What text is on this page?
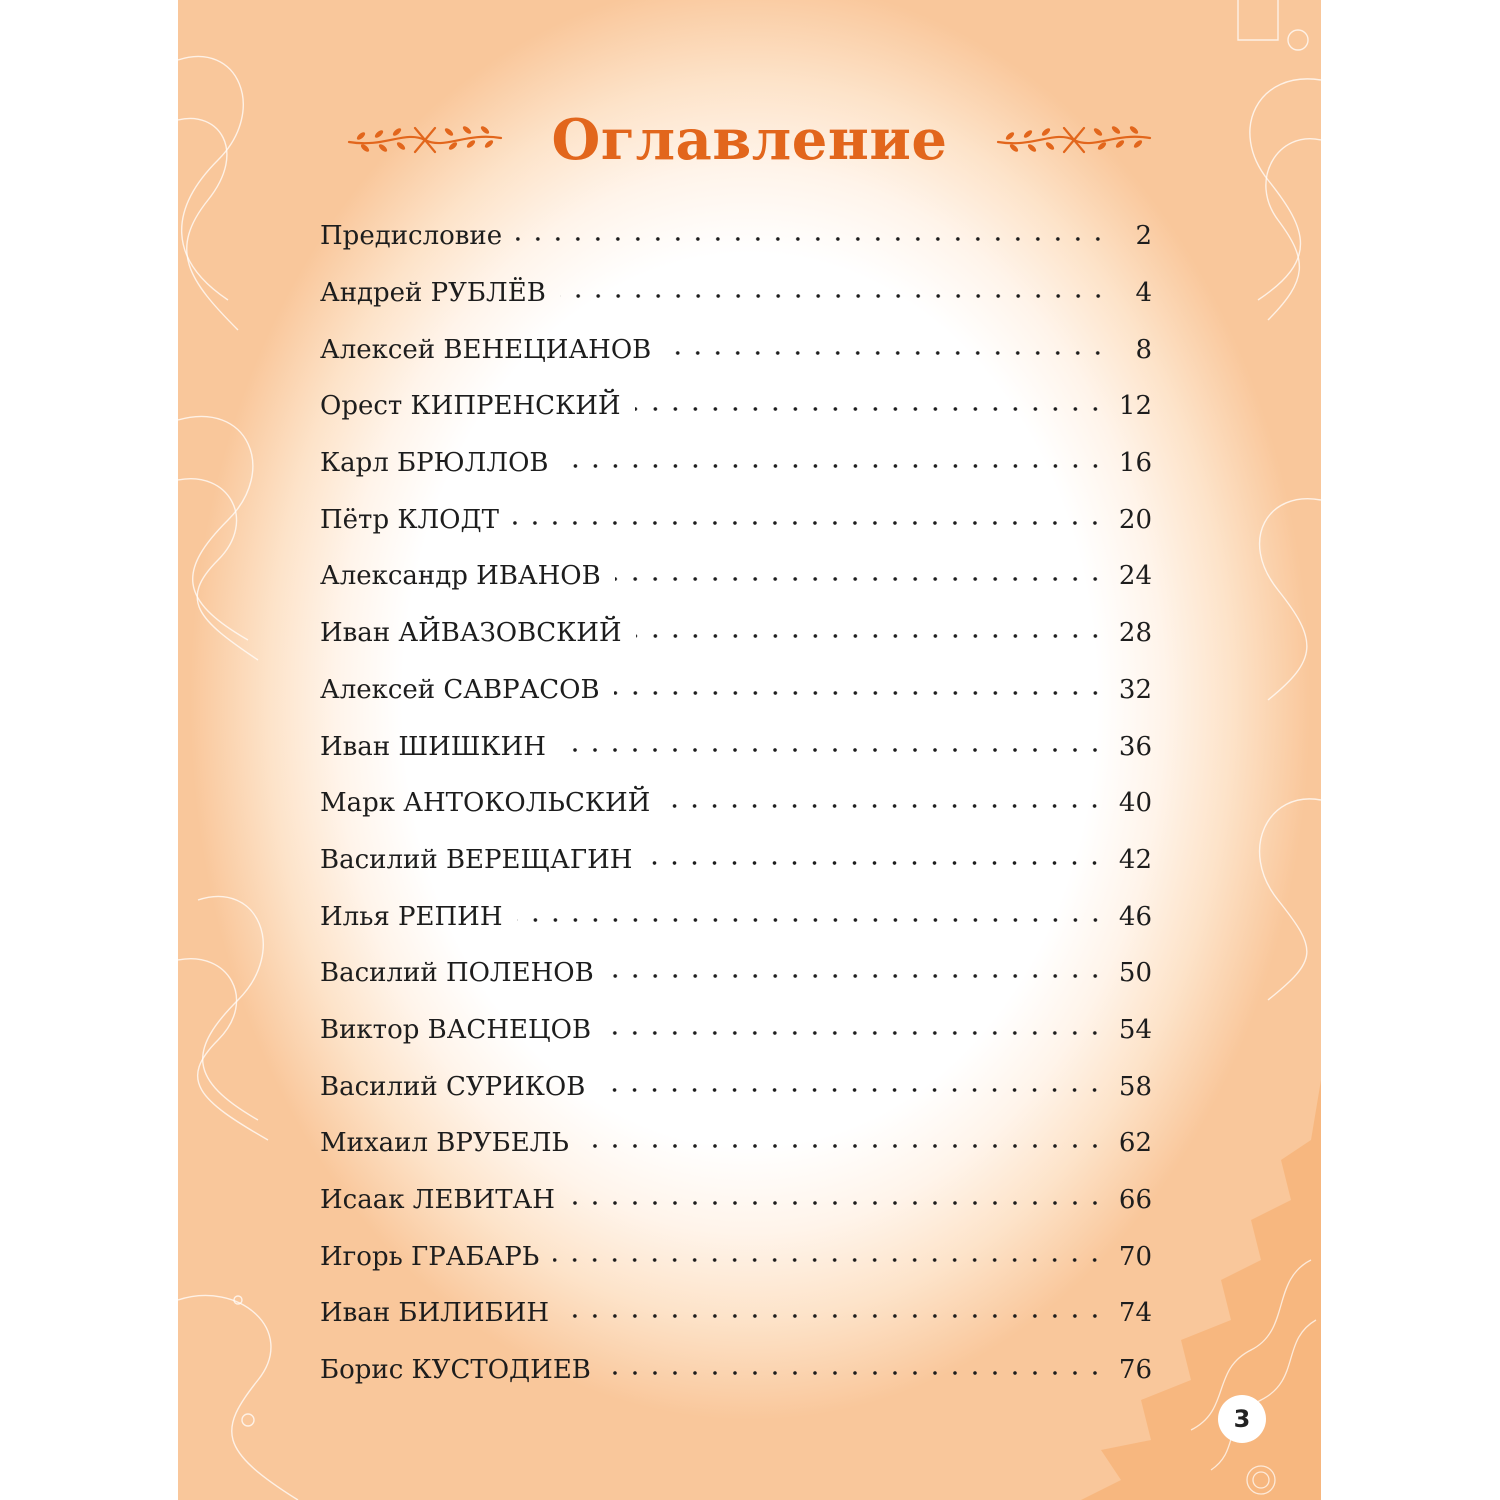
Оглавление
Предисловие	2
Андрей РУБЛЁВ	4
Алексей ВЕНЕЦИАНОВ	8
Орест КИПРЕНСКИЙ	12
Карл БРЮЛЛОВ	16
Пётр КЛОДТ	20
Александр ИВАНОВ	24
Иван АЙВАЗОВСКИЙ	28
Алексей САВРАСОВ	32
Иван ШИШКИН	36
Марк АНТОКОЛЬСКИЙ	40
Василий ВЕРЕЩАГИН	42
Илья РЕПИН	46
Василий ПОЛЕНОВ	50
Виктор ВАСНЕЦОВ	54
Василий СУРИКОВ	58
Михаил ВРУБЕЛЬ	62
Исаак ЛЕВИТАН	66
Игорь ГРАБАРЬ	70
Иван БИЛИБИН	74
Борис КУСТОДИЕВ	76
3
